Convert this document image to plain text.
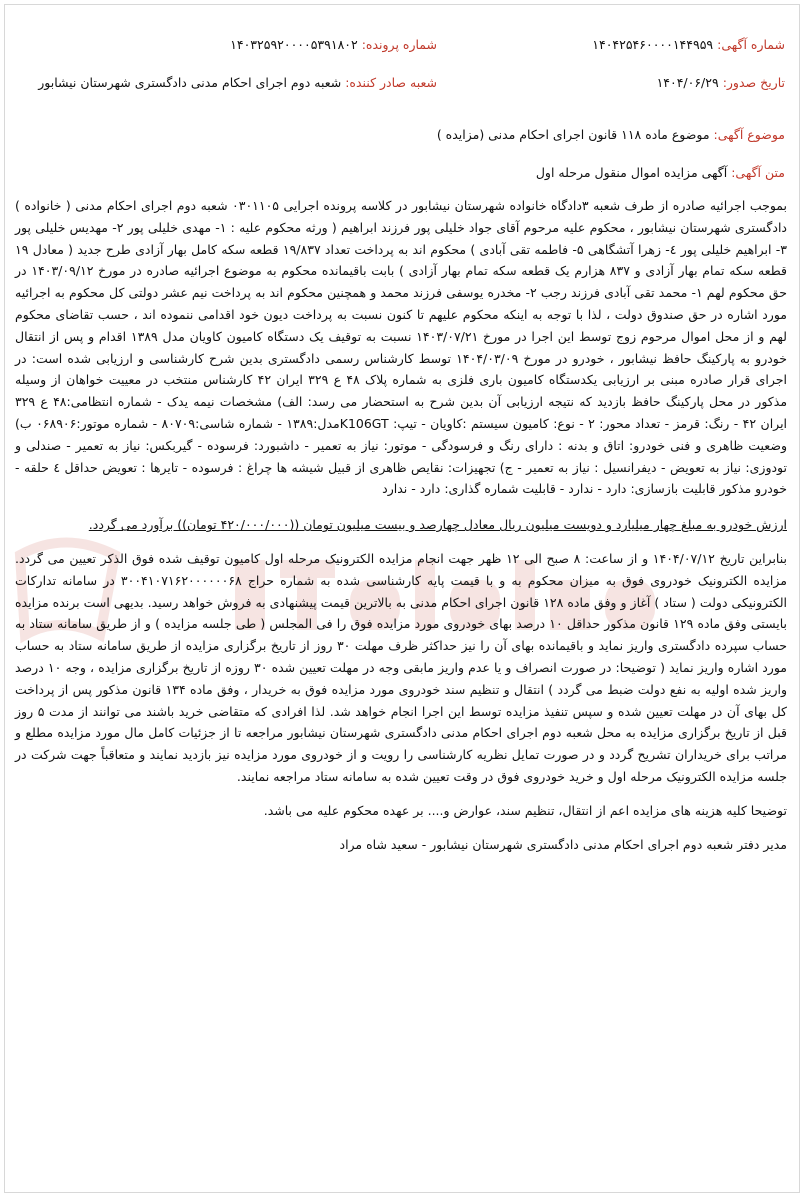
شماره آگهی: ۱۴۰۴۲۵۴۶۰۰۰۰۱۴۴۹۵۹
شماره پرونده: ۱۴۰۳۲۵۹۲۰۰۰۰۵۳۹۱۸۰۲
تاریخ صدور: ۱۴۰۴/۰۶/۲۹
شعبه صادر کننده: شعبه دوم اجرای احکام مدنی دادگستری شهرستان نیشابور
موضوع آگهی: موضوع ماده ۱۱۸ قانون اجرای احکام مدنی (مزایده )
متن آگهی: آگهی مزایده اموال منقول مرحله اول

بموجب اجرائیه صادره از طرف شعبه ۳دادگاه خانواده شهرستان نیشابور در کلاسه پرونده اجرایی ۰۳۰۱۱۰۵ شعبه دوم اجرای احکام مدنی ( خانواده ) دادگستری شهرستان نیشابور ، محکوم علیه مرحوم آقای جواد خلیلی پور فرزند ابراهیم ( ورثه محکوم علیه : ۱- مهدی خلیلی پور ۲- مهدیس خلیلی پور ۳- ابراهیم خلیلی پور ٤- زهرا آتشگاهی ۵- فاطمه تقی آبادی ) محکوم اند به پرداخت تعداد ۱۹/۸۳۷ قطعه سکه کامل بهار آزادی طرح جدید ( معادل ۱۹ قطعه سکه تمام بهار آزادی و ۸۳۷ هزارم یک قطعه سکه تمام بهار آزادی ) بابت باقیمانده محکوم به موضوع اجرائیه صادره در مورخ ۱۴۰۳/۰۹/۱۲ در حق محکوم لهم ۱- محمد تقی آبادی فرزند رجب ۲- مخدره یوسفی فرزند محمد و همچنین محکوم اند به پرداخت نیم عشر دولتی کل محکوم به اجرائیه مورد اشاره در حق صندوق دولت ، لذا با توجه به اینکه محکوم علیهم تا کنون نسبت به پرداخت دیون خود اقدامی ننموده اند ، حسب تقاضای محکوم لهم و از محل اموال مرحوم زوج توسط این اجرا در مورخ ۱۴۰۳/۰۷/۲۱ نسبت به توقیف یک دستگاه کامیون کاویان مدل ۱۳۸۹ اقدام و پس از انتقال خودرو به پارکینگ حافظ نیشابور ، خودرو در مورخ ۱۴۰۴/۰۳/۰۹ توسط کارشناس رسمی دادگستری بدین شرح کارشناسی و ارزیابی شده است: در اجرای قرار صادره مبنی بر ارزیابی یکدستگاه کامیون باری فلزی به شماره پلاک ۴۸ ع ۳۲۹ ایران ۴۲ کارشناس منتخب در معییت خواهان از وسیله مذکور در محل پارکینگ حافظ بازدید که نتیجه ارزیابی آن بدین شرح به استحضار می رسد: الف) مشخصات نیمه یدک - شماره انتظامی:۴۸ ع ۳۲۹ ایران ۴۲ - رنگ: قرمز - تعداد محور: ۲ - نوع: کامیون سیستم :کاویان - تیپ: K106GTمدل:۱۳۸۹ - شماره شاسی:۸۰۷۰۹ - شماره موتور:۰۶۸۹۰۶ ب) وضعیت ظاهری و فنی خودرو: اتاق و بدنه : دارای رنگ و فرسودگی - موتور: نیاز به تعمیر - داشبورد: فرسوده - گیربکس: نیاز به تعمیر - صندلی و تودوزی: نیاز به تعویض - دیفرانسیل : نیاز به تعمیر - ج) تجهیزات: نقایص ظاهری از قبیل شیشه ها چراغ : فرسوده - تایرها : تعویض حداقل ٤ حلقه - خودرو مذکور قابلیت بازسازی: دارد - ندارد - قابلیت شماره گذاری: دارد - ندارد

ارزش خودرو به مبلغ چهار میلیارد و دویست میلیون ریال معادل چهارصد و بیست میلیون تومان ((۴۲۰/۰۰۰/۰۰۰ تومان)) برآورد می گردد.

بنابراین تاریخ ۱۴۰۴/۰۷/۱۲ و از ساعت: ۸ صبح الی ۱۲ ظهر جهت انجام مزایده الکترونیک مرحله اول کامیون توقیف شده فوق الذکر تعیین می گردد. مزایده الکترونیک خودروی فوق به میزان محکوم به و با قیمت پایه کارشناسی شده به شماره حراج ۳۰۰۴۱۰۷۱۶۲۰۰۰۰۰۰۶۸ در سامانه تدارکات الکترونیکی دولت ( ستاد ) آغاز و وفق ماده ۱۲۸ قانون اجرای احکام مدنی به بالاترین قیمت پیشنهادی به فروش خواهد رسید. بدیهی است برنده مزایده بایستی وفق ماده ۱۲۹ قانون مذکور حداقل ۱۰ درصد بهای خودروی مورد مزایده فوق را فی المجلس ( طی جلسه مزایده ) و از طریق سامانه ستاد به حساب سپرده دادگستری واریز نماید و باقیمانده بهای آن را نیز حداکثر ظرف مهلت ۳۰ روز از تاریخ برگزاری مزایده از طریق سامانه ستاد به حساب مورد اشاره واریز نماید ( توضیحا: در صورت انصراف و یا عدم واریز مابقی وجه در مهلت تعیین شده ۳۰ روزه از تاریخ برگزاری مزایده ، وجه ۱۰ درصد واریز شده اولیه به نفع دولت ضبط می گردد ) انتقال و تنظیم سند خودروی مورد مزایده فوق به خریدار ، وفق ماده ۱۳۴ قانون مذکور پس از پرداخت کل بهای آن در مهلت تعیین شده و سپس تنفیذ مزایده توسط این اجرا انجام خواهد شد. لذا افرادی که متقاضی خرید باشند می توانند از مدت ۵ روز قبل از تاریخ برگزاری مزایده به محل شعبه دوم اجرای احکام مدنی دادگستری شهرستان نیشابور مراجعه تا از جزئیات کامل مال مورد مزایده مطلع و مراتب برای خریداران تشریح گردد و در صورت تمایل نظریه کارشناسی را رویت و از خودروی مورد مزایده نیز بازدید نمایند و متعاقباً جهت شرکت در جلسه مزایده الکترونیک مرحله اول و خرید خودروی فوق در وقت تعیین شده به سامانه ستاد مراجعه نمایند.

توضیحا کلیه هزینه های مزایده اعم از انتقال، تنظیم سند، عوارض و.... بر عهده محکوم علیه می باشد.

مدیر دفتر شعبه دوم اجرای احکام مدنی دادگستری شهرستان نیشابور - سعید شاه مراد
